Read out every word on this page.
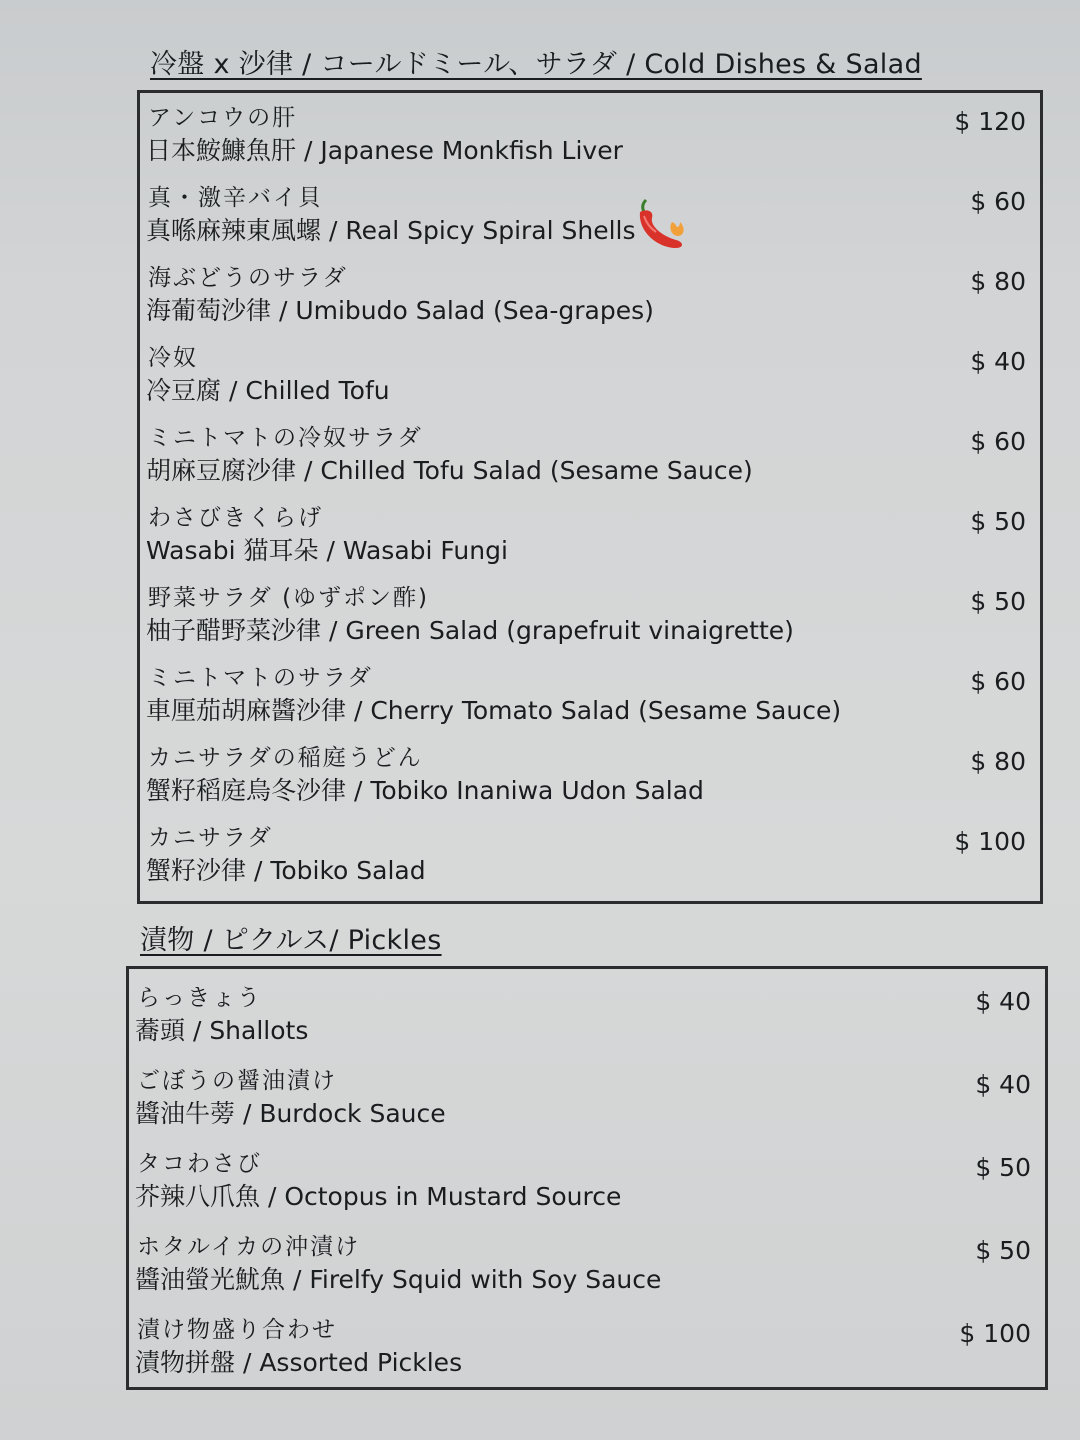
冷盤 x 沙律 / コールドミール、サラダ / Cold Dishes & Salad
アンコウの肝
日本鮟鱇魚肝 / Japanese Monkfish Liver
$ 120
真・激辛バイ貝
真喺麻辣東風螺 / Real Spicy Spiral Shells
$ 60
海ぶどうのサラダ
海葡萄沙律 / Umibudo Salad (Sea-grapes)
$ 80
冷奴
冷豆腐 / Chilled Tofu
$ 40
ミニトマトの冷奴サラダ
胡麻豆腐沙律 / Chilled Tofu Salad (Sesame Sauce)
$ 60
わさびきくらげ
Wasabi 猫耳朵 / Wasabi Fungi
$ 50
野菜サラダ (ゆずポン酢)
柚子醋野菜沙律 / Green Salad (grapefruit vinaigrette)
$ 50
ミニトマトのサラダ
車厘茄胡麻醬沙律 / Cherry Tomato Salad (Sesame Sauce)
$ 60
カニサラダの稲庭うどん
蟹籽稻庭烏冬沙律 / Tobiko Inaniwa Udon Salad
$ 80
カニサラダ
蟹籽沙律 / Tobiko Salad
$ 100
漬物 / ピクルス/ Pickles
らっきょう
蕎頭 / Shallots
$ 40
ごぼうの醤油漬け
醬油牛蒡 / Burdock Sauce
$ 40
タコわさび
芥辣八爪魚 / Octopus in Mustard Source
$ 50
ホタルイカの沖漬け
醬油螢光魷魚 / Firelfy Squid with Soy Sauce
$ 50
漬け物盛り合わせ
漬物拼盤 / Assorted Pickles
$ 100
